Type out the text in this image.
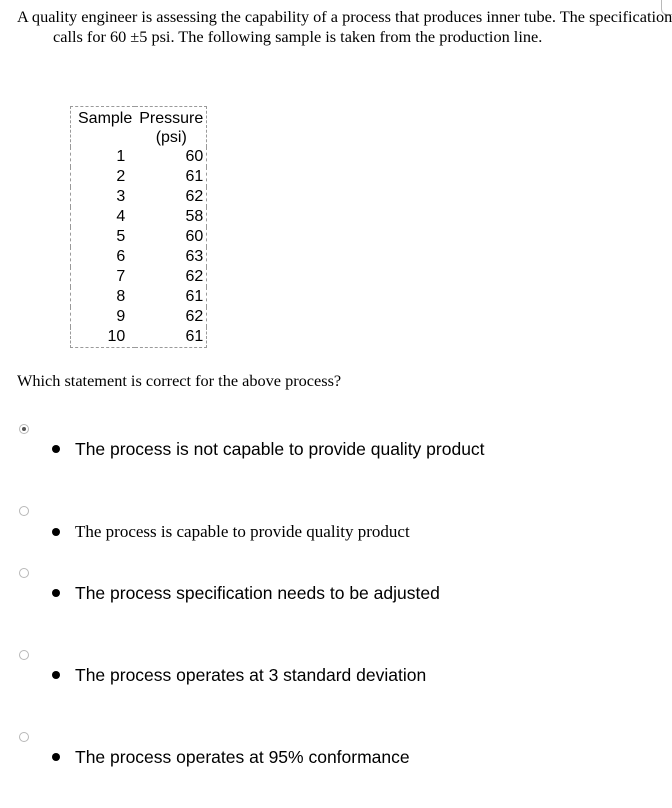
A quality engineer is assessing the capability of a process that produces inner tube. The specification calls for 60 ±5 psi. The following sample is taken from the production line.

Sample	Pressure
(psi)
1	60
2	61
3	62
4	58
5	60
6	63
7	62
8	61
9	62
10	61

Which statement is correct for the above process?

The process is not capable to provide quality product
The process is capable to provide quality product
The process specification needs to be adjusted
The process operates at 3 standard deviation
The process operates at 95% conformance
